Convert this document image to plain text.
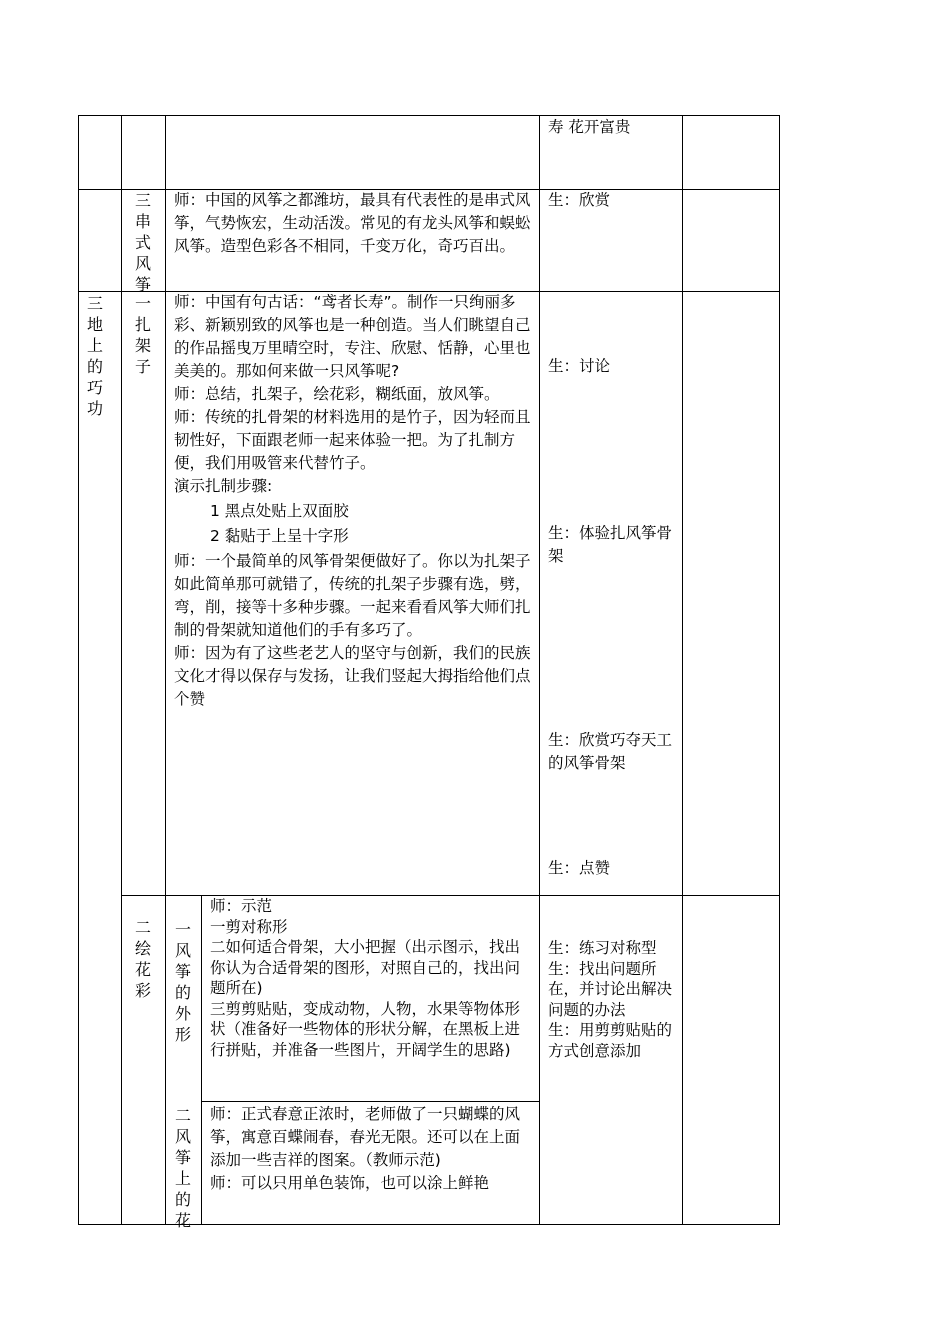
寿 花开富贵

三
串
式
风
筝

师：中国的风筝之都潍坊，最具有代表性的是串式风筝，气势恢宏，生动活泼。常见的有龙头风筝和蜈蚣风筝。造型色彩各不相同，千变万化，奇巧百出。

生：欣赏

三
地
上
的
巧
功
一
扎
架
子

师：中国有句古话：“鸢者长寿”。制作一只绚丽多彩、新颖别致的风筝也是一种创造。当人们眺望自己的作品摇曳万里晴空时，专注、欣慰、恬静，心里也美美的。那如何来做一只风筝呢?

师：总结，扎架子，绘花彩，糊纸面，放风筝。

师：传统的扎骨架的材料选用的是竹子，因为轻而且韧性好，下面跟老师一起来体验一把。为了扎制方便，我们用吸管来代替竹子。

演示扎制步骤:

1 黑点处贴上双面胶

2 黏贴于上呈十字形

师：一个最简单的风筝骨架便做好了。你以为扎架子如此简单那可就错了，传统的扎架子步骤有选，劈，弯，削，接等十多种步骤。一起来看看风筝大师们扎制的骨架就知道他们的手有多巧了。

师：因为有了这些老艺人的坚守与创新，我们的民族文化才得以保存与发扬，让我们竖起大拇指给他们点个赞

生：讨论

生：体验扎风筝骨架

生：欣赏巧夺天工的风筝骨架

生：点赞

二
绘
花
彩
一
风
筝
的
外
形

师：示范

一剪对称形

二如何适合骨架，大小把握（出示图示，找出你认为合适骨架的图形，对照自己的，找出问题所在)

三剪剪贴贴，变成动物，人物，水果等物体形状（准备好一些物体的形状分解，在黑板上进行拼贴，并准备一些图片，开阔学生的思路)

二
风
筝
上
的
花

师：正式春意正浓时，老师做了一只蝴蝶的风筝，寓意百蝶闹春，春光无限。还可以在上面添加一些吉祥的图案。（教师示范)

师：可以只用单色装饰，也可以涂上鲜艳

生：练习对称型

生：找出问题所在，并讨论出解决问题的办法

生：用剪剪贴贴的方式创意添加
